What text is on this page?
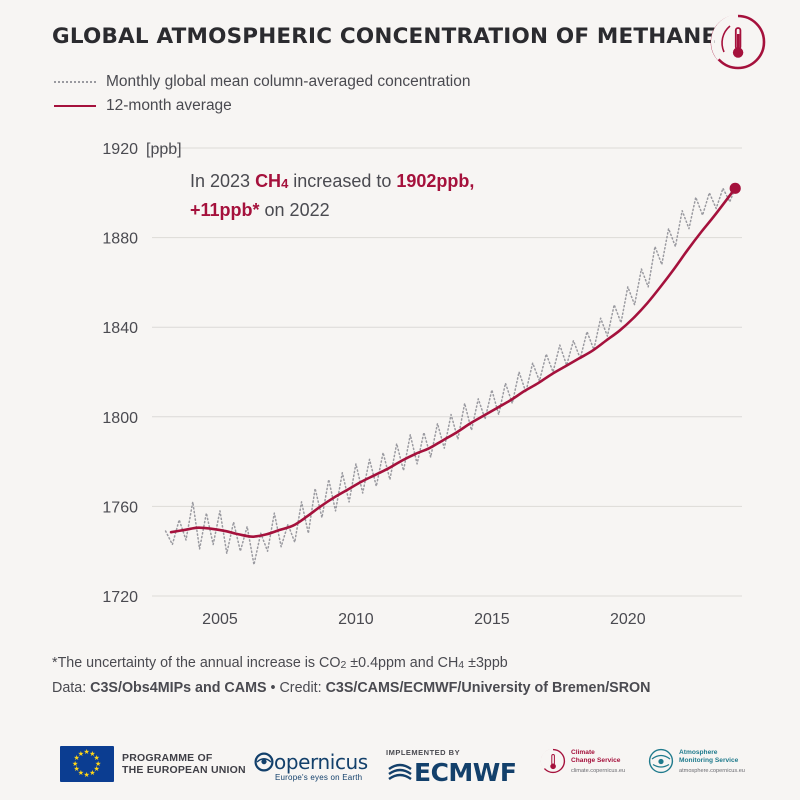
GLOBAL ATMOSPHERIC CONCENTRATION OF METHANE
Monthly global mean column-averaged concentration
12-month average
1720
1760
1800
1840
1880
1920 [ppb]
2005	2010	2015	2020
In 2023 CH4 increased to 1902ppb,
+11ppb* on 2022
*The uncertainty of the annual increase is CO2 ±0.4ppm and CH4 ±3ppb
Data: C3S/Obs4MIPs and CAMS • Credit: C3S/CAMS/ECMWF/University of Bremen/SRON
★ ★
★
★
★
★
★
★
★
★
★
★	PROGRAMME OF
THE EUROPEAN UNION opernicus
Europe's eyes on Earth
IMPLEMENTED BY
ECMWF
Climate
Change Service
climate.copernicus.eu
Atmosphere
Monitoring Service
atmosphere.copernicus.eu
